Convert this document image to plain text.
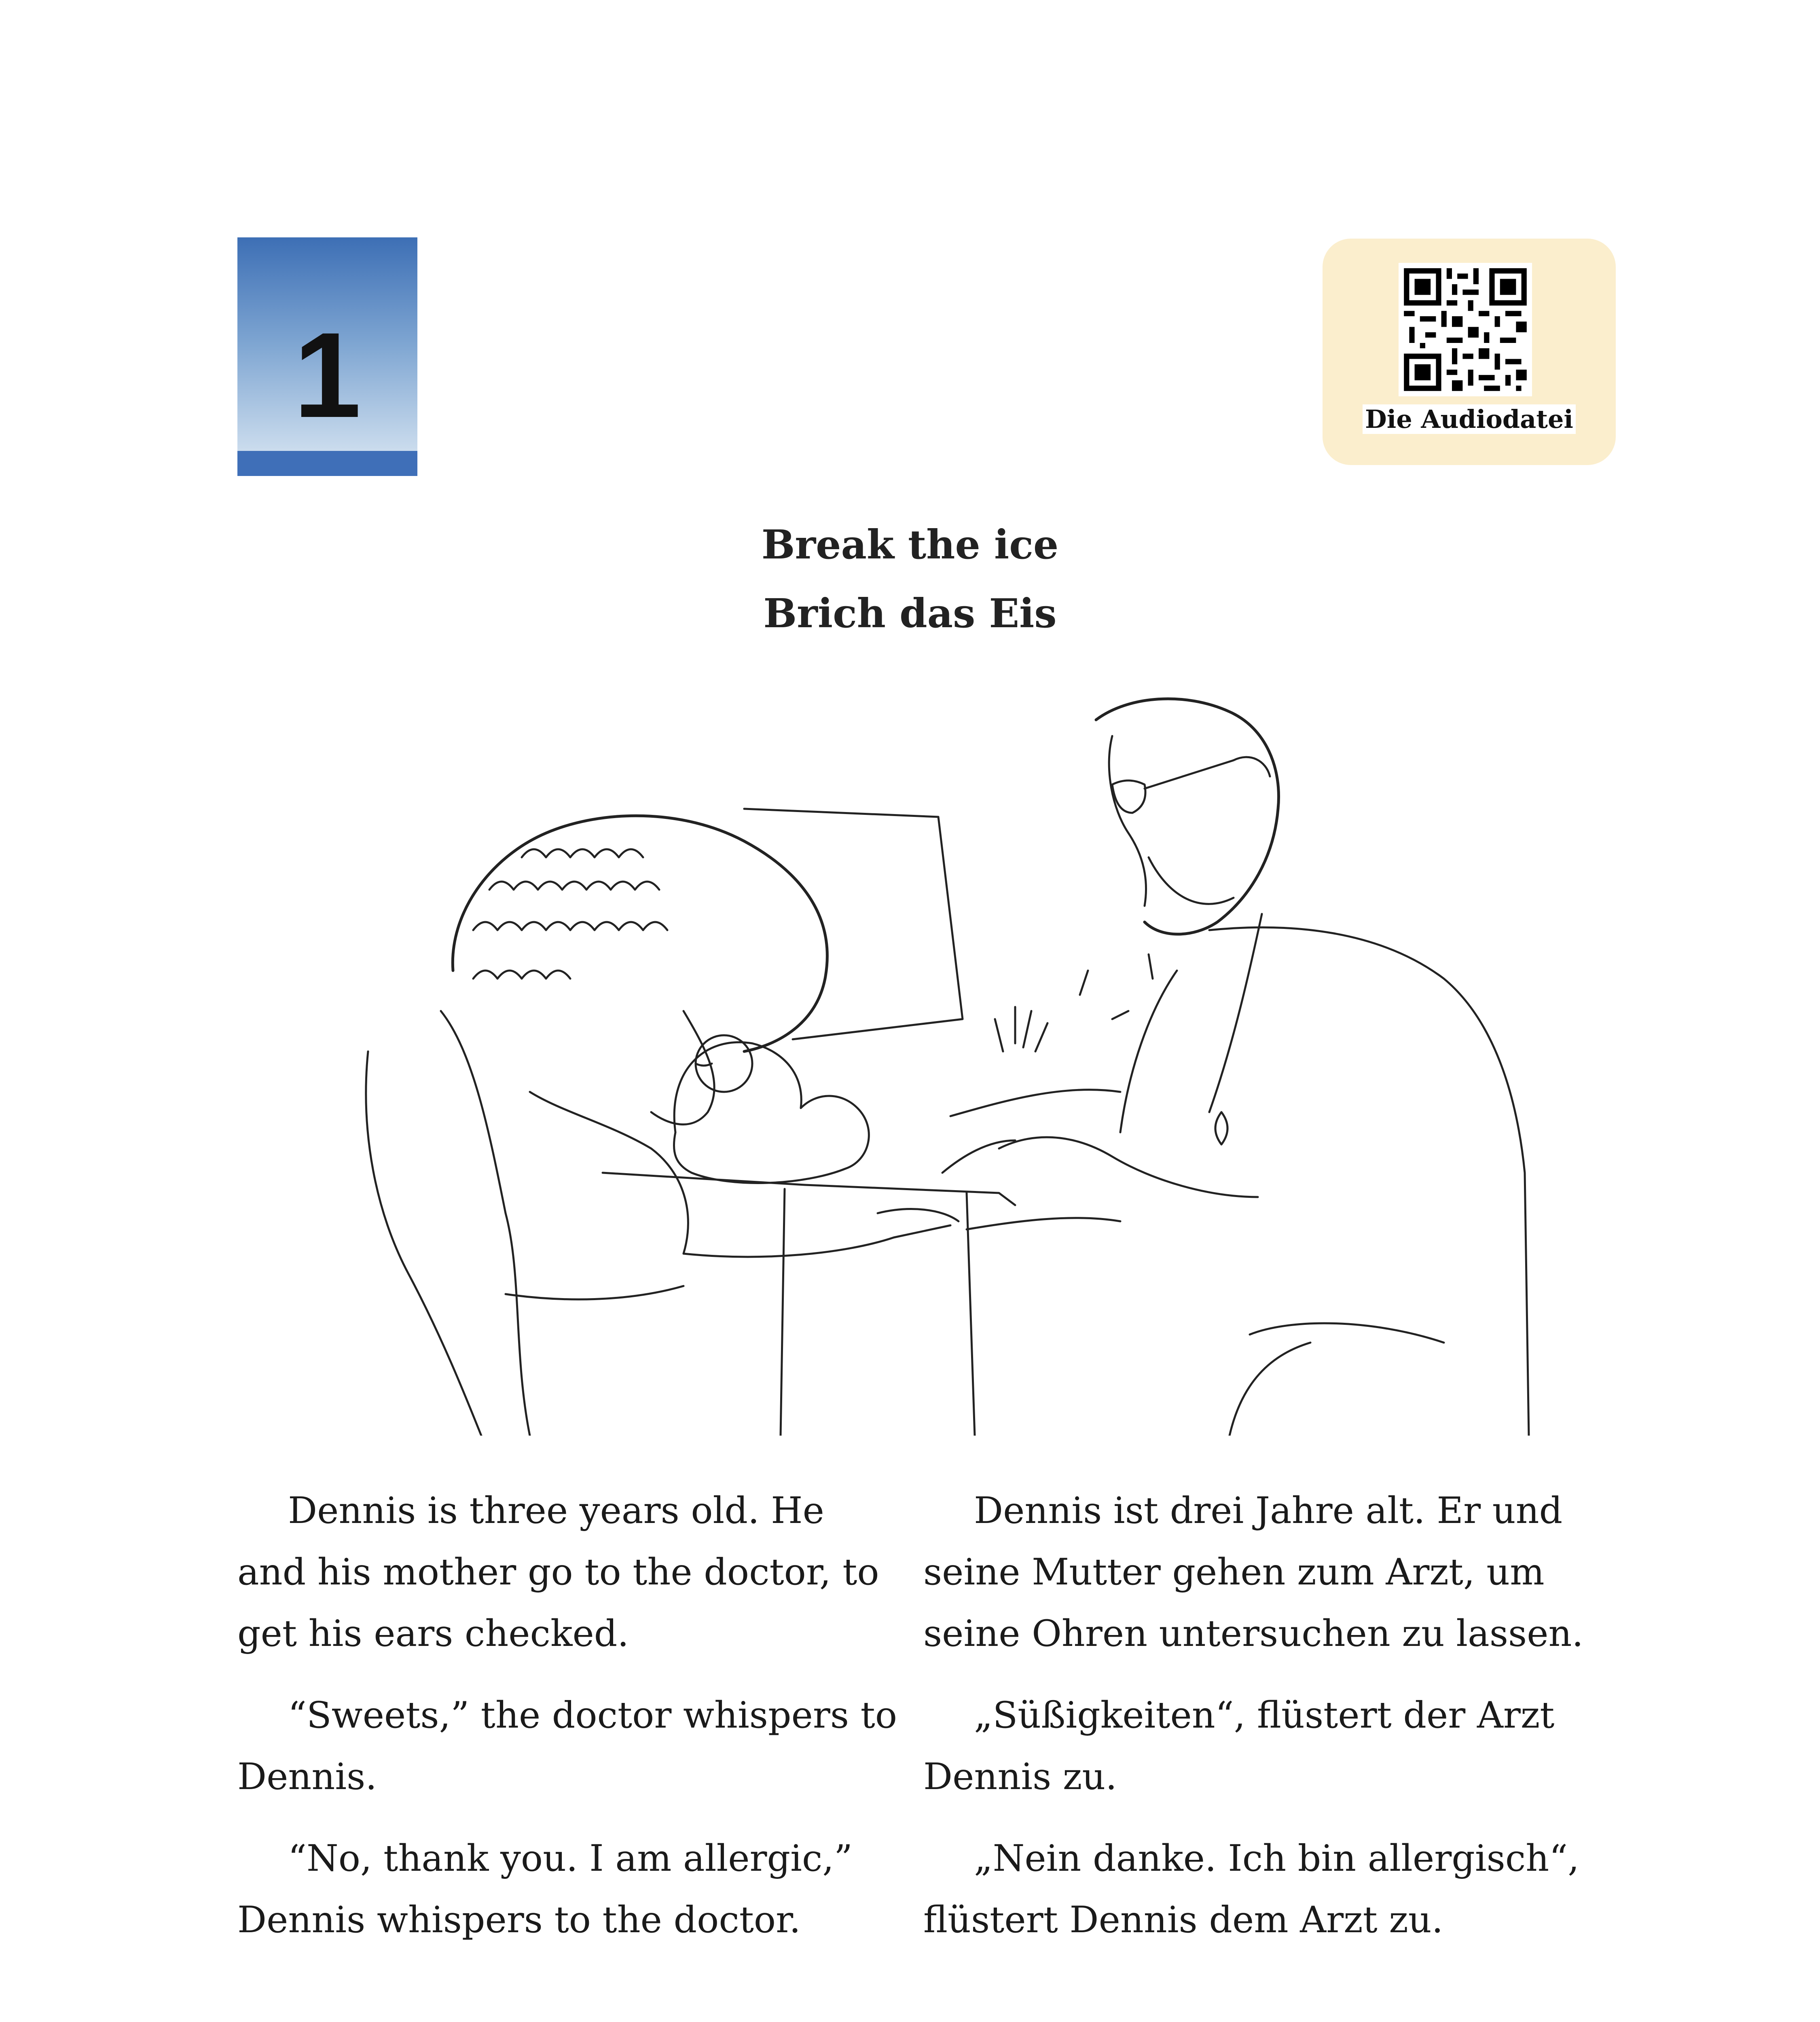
1	Die Audiodatei
Break the ice
Brich das Eis

Dennis is three years old. He and his mother go to the doctor, to get his ears checked.

“Sweets,” the doctor whispers to Dennis.

“No, thank you. I am allergic,” Dennis whispers to the doctor.

Dennis ist drei Jahre alt. Er und seine Mutter gehen zum Arzt, um seine Ohren untersuchen zu lassen.

„Süßigkeiten“, flüstert der Arzt Dennis zu.

„Nein danke. Ich bin allergisch“, flüstert Dennis dem Arzt zu.
